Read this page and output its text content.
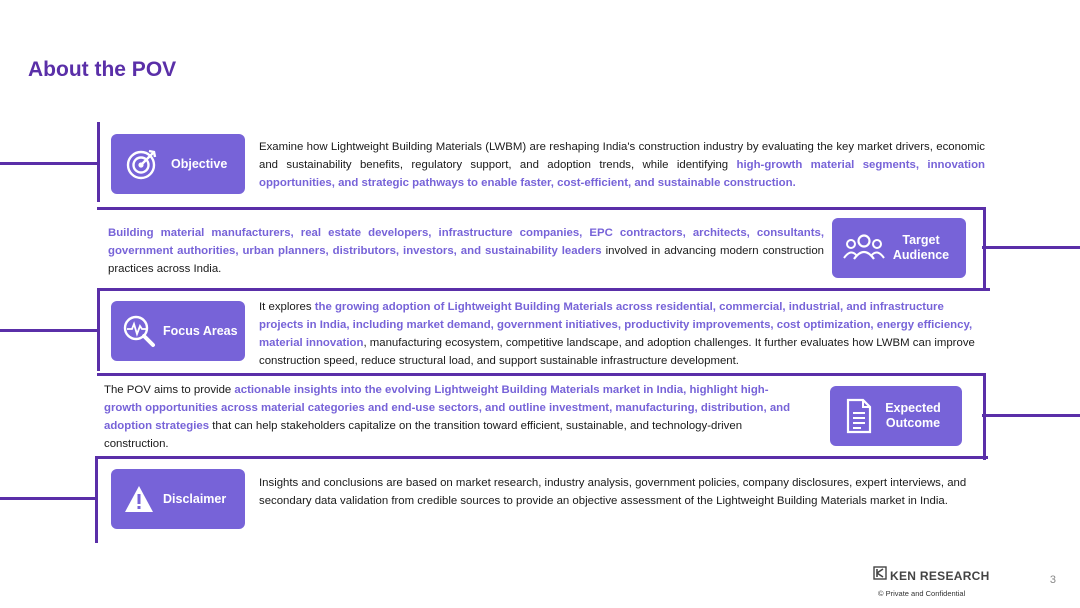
About the POV
Objective
Examine how Lightweight Building Materials (LWBM) are reshaping India's construction industry by evaluating the key market drivers, economic and sustainability benefits, regulatory support, and adoption trends, while identifying high-growth material segments, innovation opportunities, and strategic pathways to enable faster, cost-efficient, and sustainable construction.
Building material manufacturers, real estate developers, infrastructure companies, EPC contractors, architects, consultants, government authorities, urban planners, distributors, investors, and sustainability leaders involved in advancing modern construction practices across India.
Target Audience
Focus Areas
It explores the growing adoption of Lightweight Building Materials across residential, commercial, industrial, and infrastructure projects in India, including market demand, government initiatives, productivity improvements, cost optimization, energy efficiency, material innovation, manufacturing ecosystem, competitive landscape, and adoption challenges. It further evaluates how LWBM can improve construction speed, reduce structural load, and support sustainable infrastructure development.
The POV aims to provide actionable insights into the evolving Lightweight Building Materials market in India, highlight high-growth opportunities across material categories and end-use sectors, and outline investment, manufacturing, distribution, and adoption strategies that can help stakeholders capitalize on the transition toward efficient, sustainable, and technology-driven construction.
Expected Outcome
Disclaimer
Insights and conclusions are based on market research, industry analysis, government policies, company disclosures, expert interviews, and secondary data validation from credible sources to provide an objective assessment of the Lightweight Building Materials market in India.
KEN RESEARCH
© Private and Confidential
3
